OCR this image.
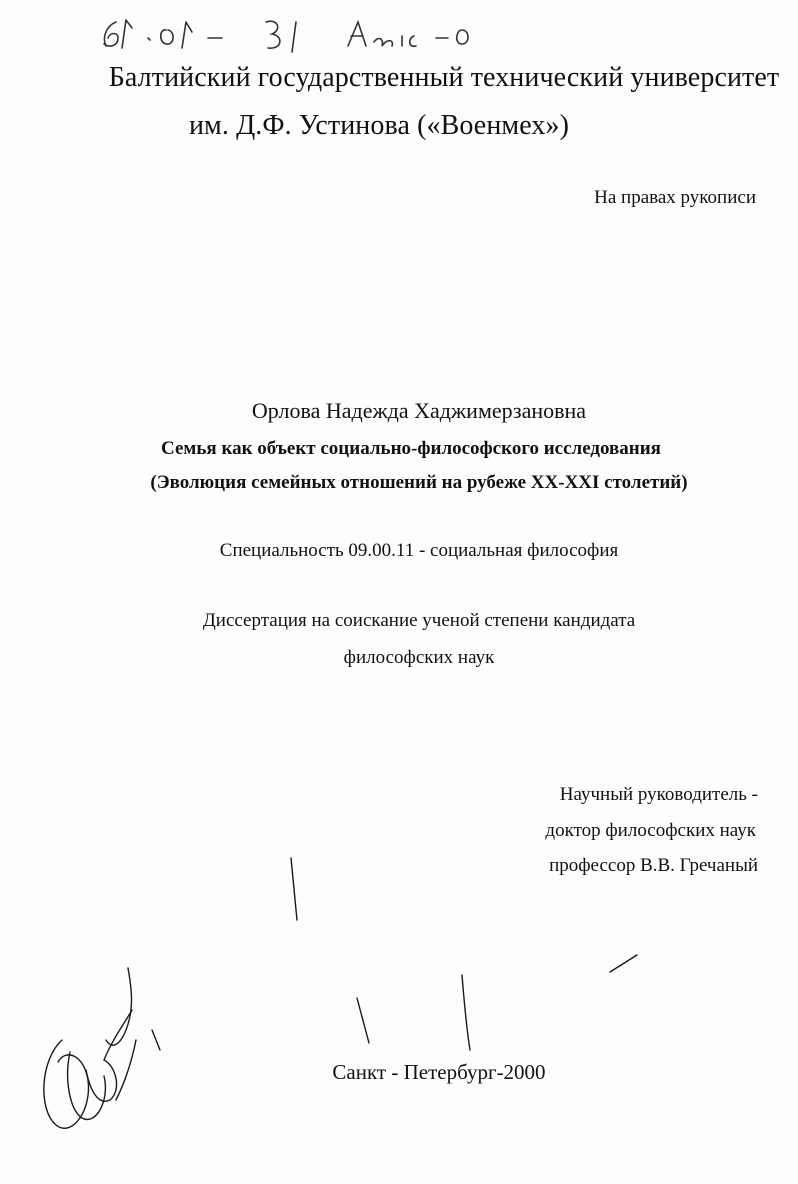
Балтийский государственный технический университет
им. Д.Ф. Устинова («Военмех»)
На правах рукописи
Орлова Надежда Хаджимерзановна
Семья как объект социально-философского исследования
(Эволюция семейных отношений на рубеже XX-XXI столетий)
Специальность 09.00.11 - социальная философия
Диссертация на соискание ученой степени кандидата
философских наук
Научный руководитель -
доктор философских наук
профессор В.В. Гречаный
Санкт - Петербург-2000
